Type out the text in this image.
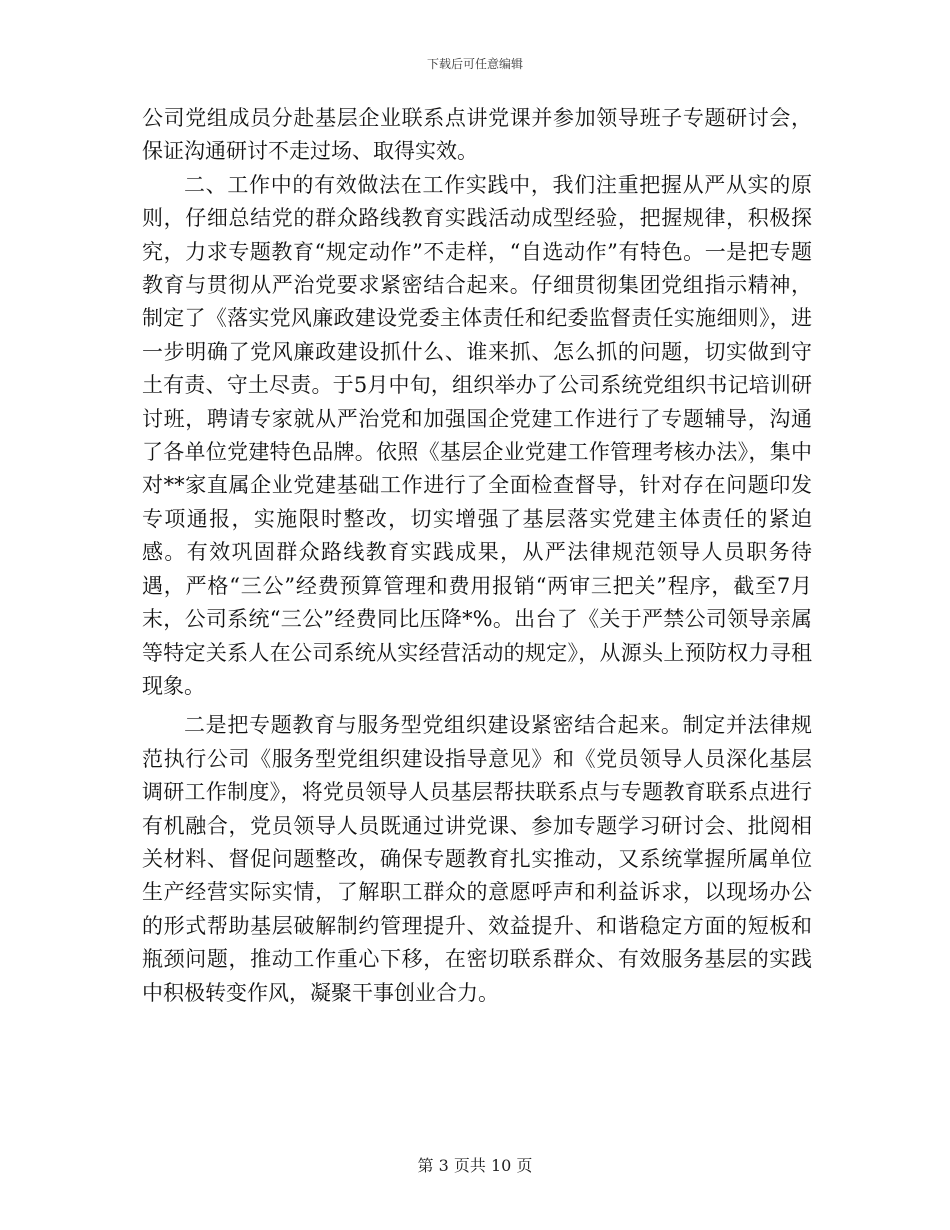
下载后可任意编辑

公司党组成员分赴基层企业联系点讲党课并参加领导班子专题研讨会，保证沟通研讨不走过场、取得实效。

二、工作中的有效做法在工作实践中，我们注重把握从严从实的原则，仔细总结党的群众路线教育实践活动成型经验，把握规律，积极探究，力求专题教育“规定动作”不走样，“自选动作”有特色。一是把专题教育与贯彻从严治党要求紧密结合起来。仔细贯彻集团党组指示精神，制定了《落实党风廉政建设党委主体责任和纪委监督责任实施细则》，进一步明确了党风廉政建设抓什么、谁来抓、怎么抓的问题，切实做到守土有责、守土尽责。于5月中旬，组织举办了公司系统党组织书记培训研讨班，聘请专家就从严治党和加强国企党建工作进行了专题辅导，沟通了各单位党建特色品牌。依照《基层企业党建工作管理考核办法》，集中对**家直属企业党建基础工作进行了全面检查督导，针对存在问题印发专项通报，实施限时整改，切实增强了基层落实党建主体责任的紧迫感。有效巩固群众路线教育实践成果，从严法律规范领导人员职务待遇，严格“三公”经费预算管理和费用报销“两审三把关”程序，截至7月末，公司系统“三公”经费同比压降*%。出台了《关于严禁公司领导亲属等特定关系人在公司系统从实经营活动的规定》，从源头上预防权力寻租现象。

二是把专题教育与服务型党组织建设紧密结合起来。制定并法律规范执行公司《服务型党组织建设指导意见》和《党员领导人员深化基层调研工作制度》，将党员领导人员基层帮扶联系点与专题教育联系点进行有机融合，党员领导人员既通过讲党课、参加专题学习研讨会、批阅相关材料、督促问题整改，确保专题教育扎实推动，又系统掌握所属单位生产经营实际实情，了解职工群众的意愿呼声和利益诉求，以现场办公的形式帮助基层破解制约管理提升、效益提升、和谐稳定方面的短板和瓶颈问题，推动工作重心下移，在密切联系群众、有效服务基层的实践中积极转变作风，凝聚干事创业合力。

第 3 页共 10 页
